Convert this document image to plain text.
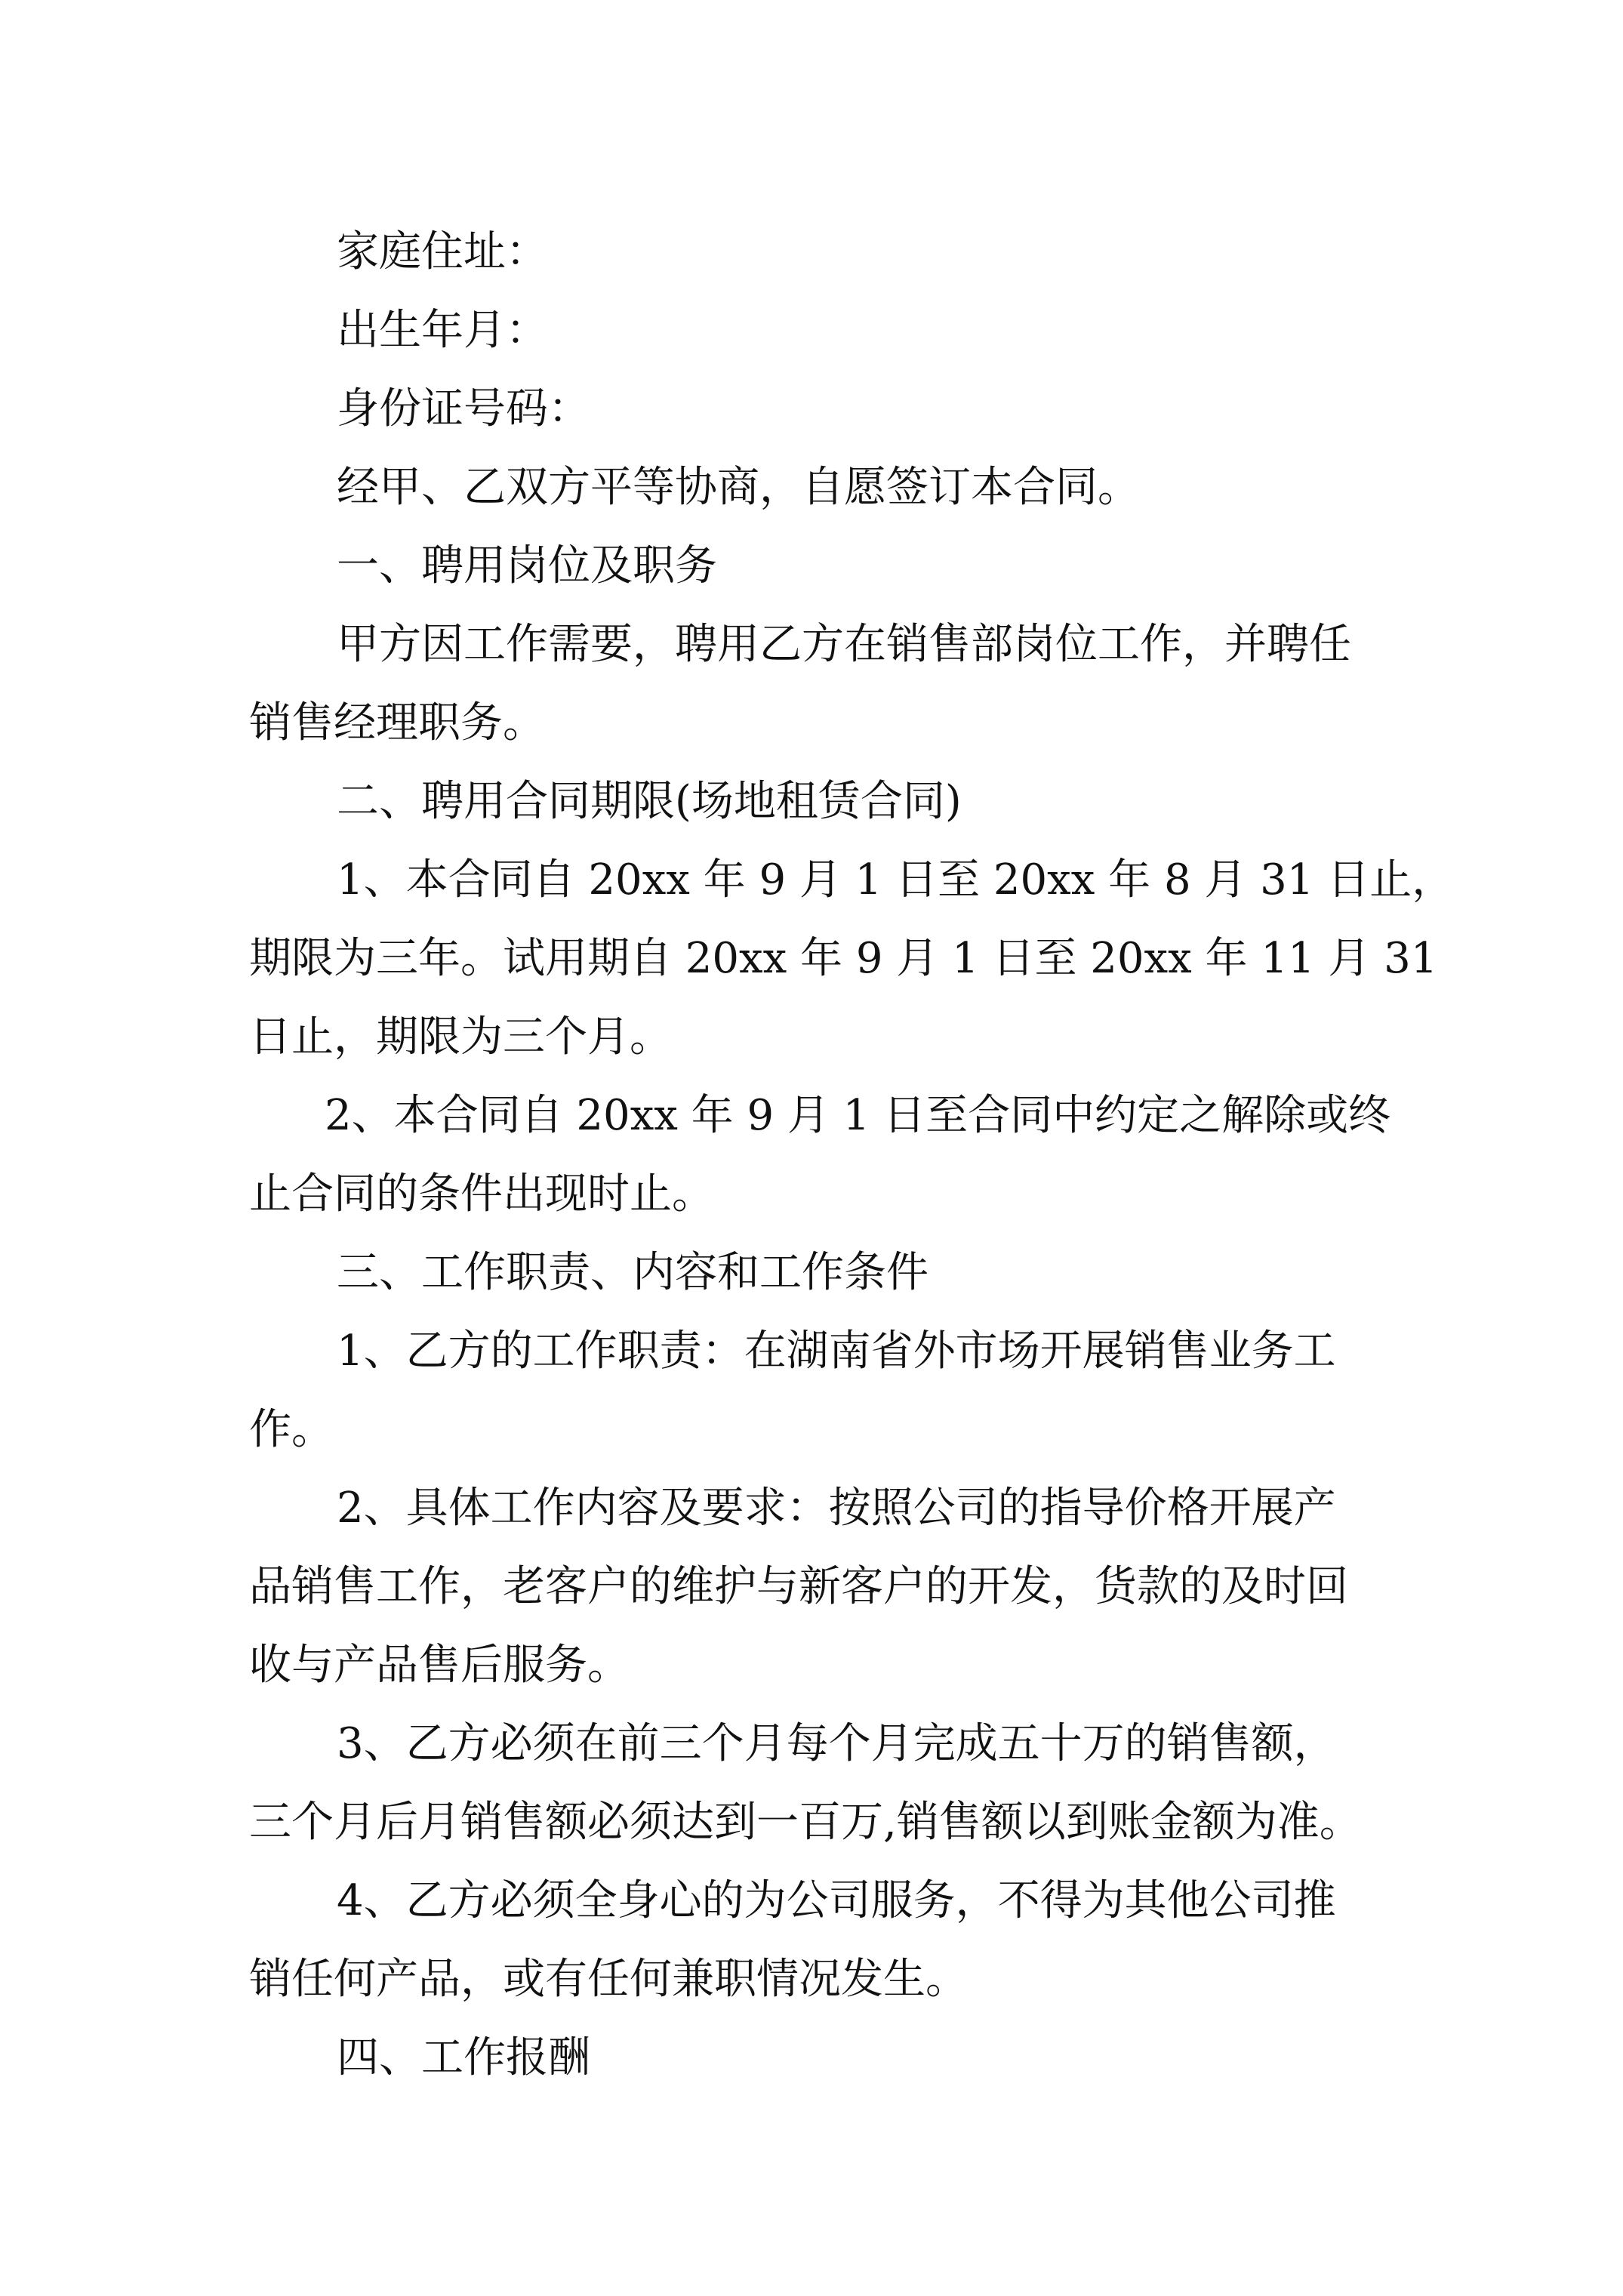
家庭住址：

出生年月：

身份证号码：

经甲、乙双方平等协商，自愿签订本合同。

一、聘用岗位及职务

甲方因工作需要，聘用乙方在销售部岗位工作，并聘任
销售经理职务。

二、聘用合同期限(场地租赁合同)

1、本合同自 20xx 年 9 月 1 日至 20xx 年 8 月 31 日止，
期限为三年。试用期自 20xx 年 9 月 1 日至 20xx 年 11 月 31
日止，期限为三个月。

2、本合同自 20xx 年 9 月 1 日至合同中约定之解除或终
止合同的条件出现时止。

三、工作职责、内容和工作条件

1、乙方的工作职责：在湖南省外市场开展销售业务工
作。

2、具体工作内容及要求：按照公司的指导价格开展产
品销售工作，老客户的维护与新客户的开发，货款的及时回
收与产品售后服务。

3、乙方必须在前三个月每个月完成五十万的销售额，
三个月后月销售额必须达到一百万,销售额以到账金额为准。

4、乙方必须全身心的为公司服务，不得为其他公司推
销任何产品，或有任何兼职情况发生。

四、工作报酬
